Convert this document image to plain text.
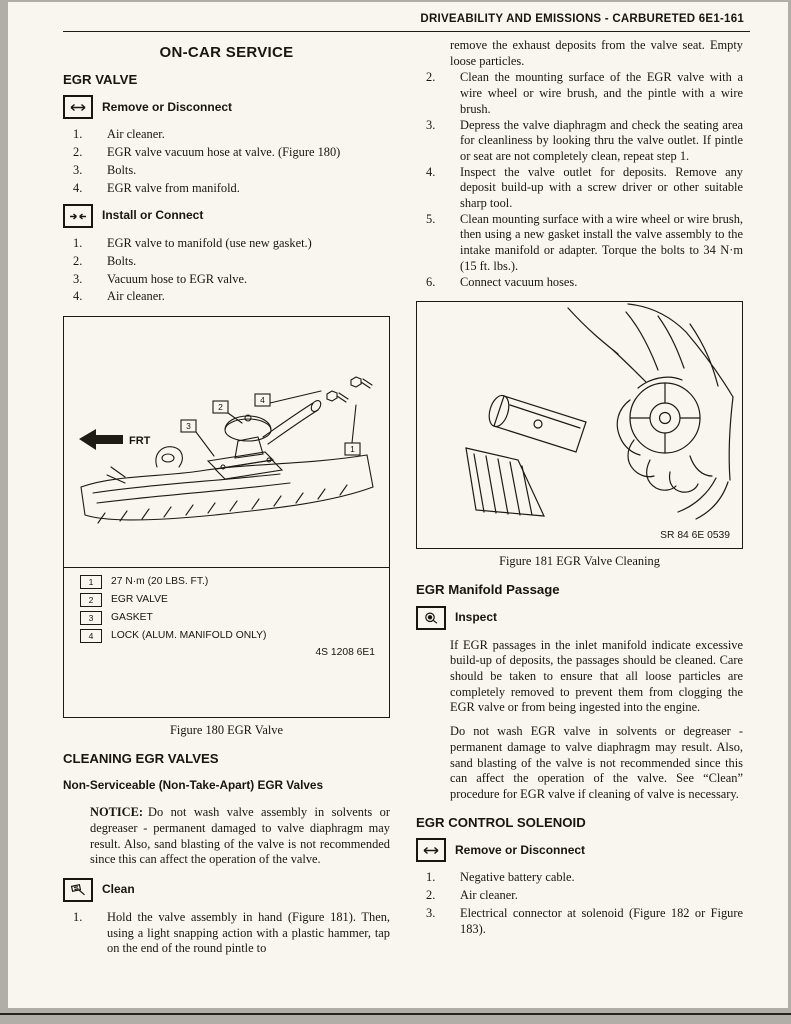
DRIVEABILITY AND EMISSIONS - CARBURETED 6E1-161
ON-CAR SERVICE
EGR VALVE
Remove or Disconnect
1.	Air cleaner.
2.	EGR valve vacuum hose at valve. (Figure 180)
3.	Bolts.
4.	EGR valve from manifold.
Install or Connect
1.	EGR valve to manifold (use new gasket.)
2.	Bolts.
3.	Vacuum hose to EGR valve.
4.	Air cleaner.
FRT
2
4
3
1
1	27 N·m (20 LBS. FT.)
2	EGR VALVE
3	GASKET
4	LOCK (ALUM. MANIFOLD ONLY)
4S 1208 6E1
Figure 180 EGR Valve
CLEANING EGR VALVES
Non-Serviceable (Non-Take-Apart) EGR Valves

NOTICE: Do not wash valve assembly in solvents or degreaser - permanent damaged to valve diaphragm may result. Also, sand blasting of the valve is not recommended since this can affect the operation of the valve.

Clean
1.	Hold the valve assembly in hand (Figure 181). Then, using a light snapping action with a plastic hammer, tap on the end of the round pintle to

remove the exhaust deposits from the valve seat. Empty loose particles.

2.	Clean the mounting surface of the EGR valve with a wire wheel or wire brush, and the pintle with a wire brush.
3.	Depress the valve diaphragm and check the seating area for cleanliness by looking thru the valve outlet. If pintle or seat are not completely clean, repeat step 1.
4.	Inspect the valve outlet for deposits. Remove any deposit build-up with a screw driver or other suitable sharp tool.
5.	Clean mounting surface with a wire wheel or wire brush, then using a new gasket install the valve assembly to the intake manifold or adapter. Torque the bolts to 34 N·m (15 ft. lbs.).
6.	Connect vacuum hoses.
SR 84 6E 0539
Figure 181 EGR Valve Cleaning
EGR Manifold Passage
Inspect

If EGR passages in the inlet manifold indicate excessive build-up of deposits, the passages should be cleaned. Care should be taken to ensure that all loose particles are completely removed to prevent them from clogging the EGR valve or from being ingested into the engine.

Do not wash EGR valve in solvents or degreaser - permanent damage to valve diaphragm may result. Also, sand blasting of the valve is not recommended since this can affect the operation of the valve. See “Clean” procedure for EGR valve if cleaning of valve is necessary.

EGR CONTROL SOLENOID
Remove or Disconnect
1.	Negative battery cable.
2.	Air cleaner.
3.	Electrical connector at solenoid (Figure 182 or Figure 183).
